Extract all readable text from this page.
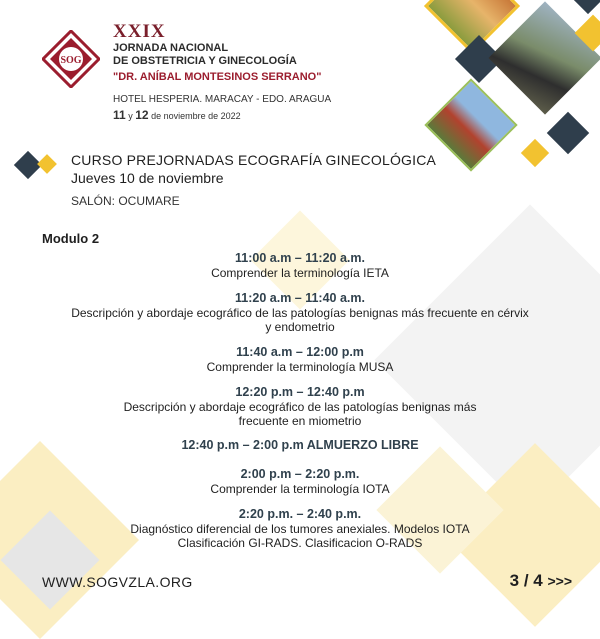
SOG
XXIX
JORNADA NACIONAL
DE OBSTETRICIA Y GINECOLOGÍA
"DR. ANÍBAL MONTESINOS SERRANO"
HOTEL HESPERIA. MARACAY - EDO. ARAGUA
11 y 12 de noviembre de 2022
CURSO PREJORNADAS ECOGRAFÍA GINECOLÓGICA
Jueves 10 de noviembre
SALÓN: OCUMARE
Modulo 2
11:00 a.m – 11:20 a.m.
Comprender la terminología IETA
11:20 a.m – 11:40 a.m.
Descripción y abordaje ecográfico de las patologías benignas más frecuente en cérvix y endometrio
11:40 a.m – 12:00 p.m
Comprender la terminología MUSA
12:20 p.m – 12:40 p.m
Descripción y abordaje ecográfico de las patologías benignas más frecuente en miometrio
12:40 p.m – 2:00 p.m ALMUERZO LIBRE
2:00 p.m – 2:20 p.m.
Comprender la terminología IOTA
2:20 p.m. – 2:40 p.m.
Diagnóstico diferencial de los tumores anexiales. Modelos IOTA Clasificación GI-RADS. Clasificacion O-RADS
WWW.SOGVZLA.ORG	3 / 4 >>>
